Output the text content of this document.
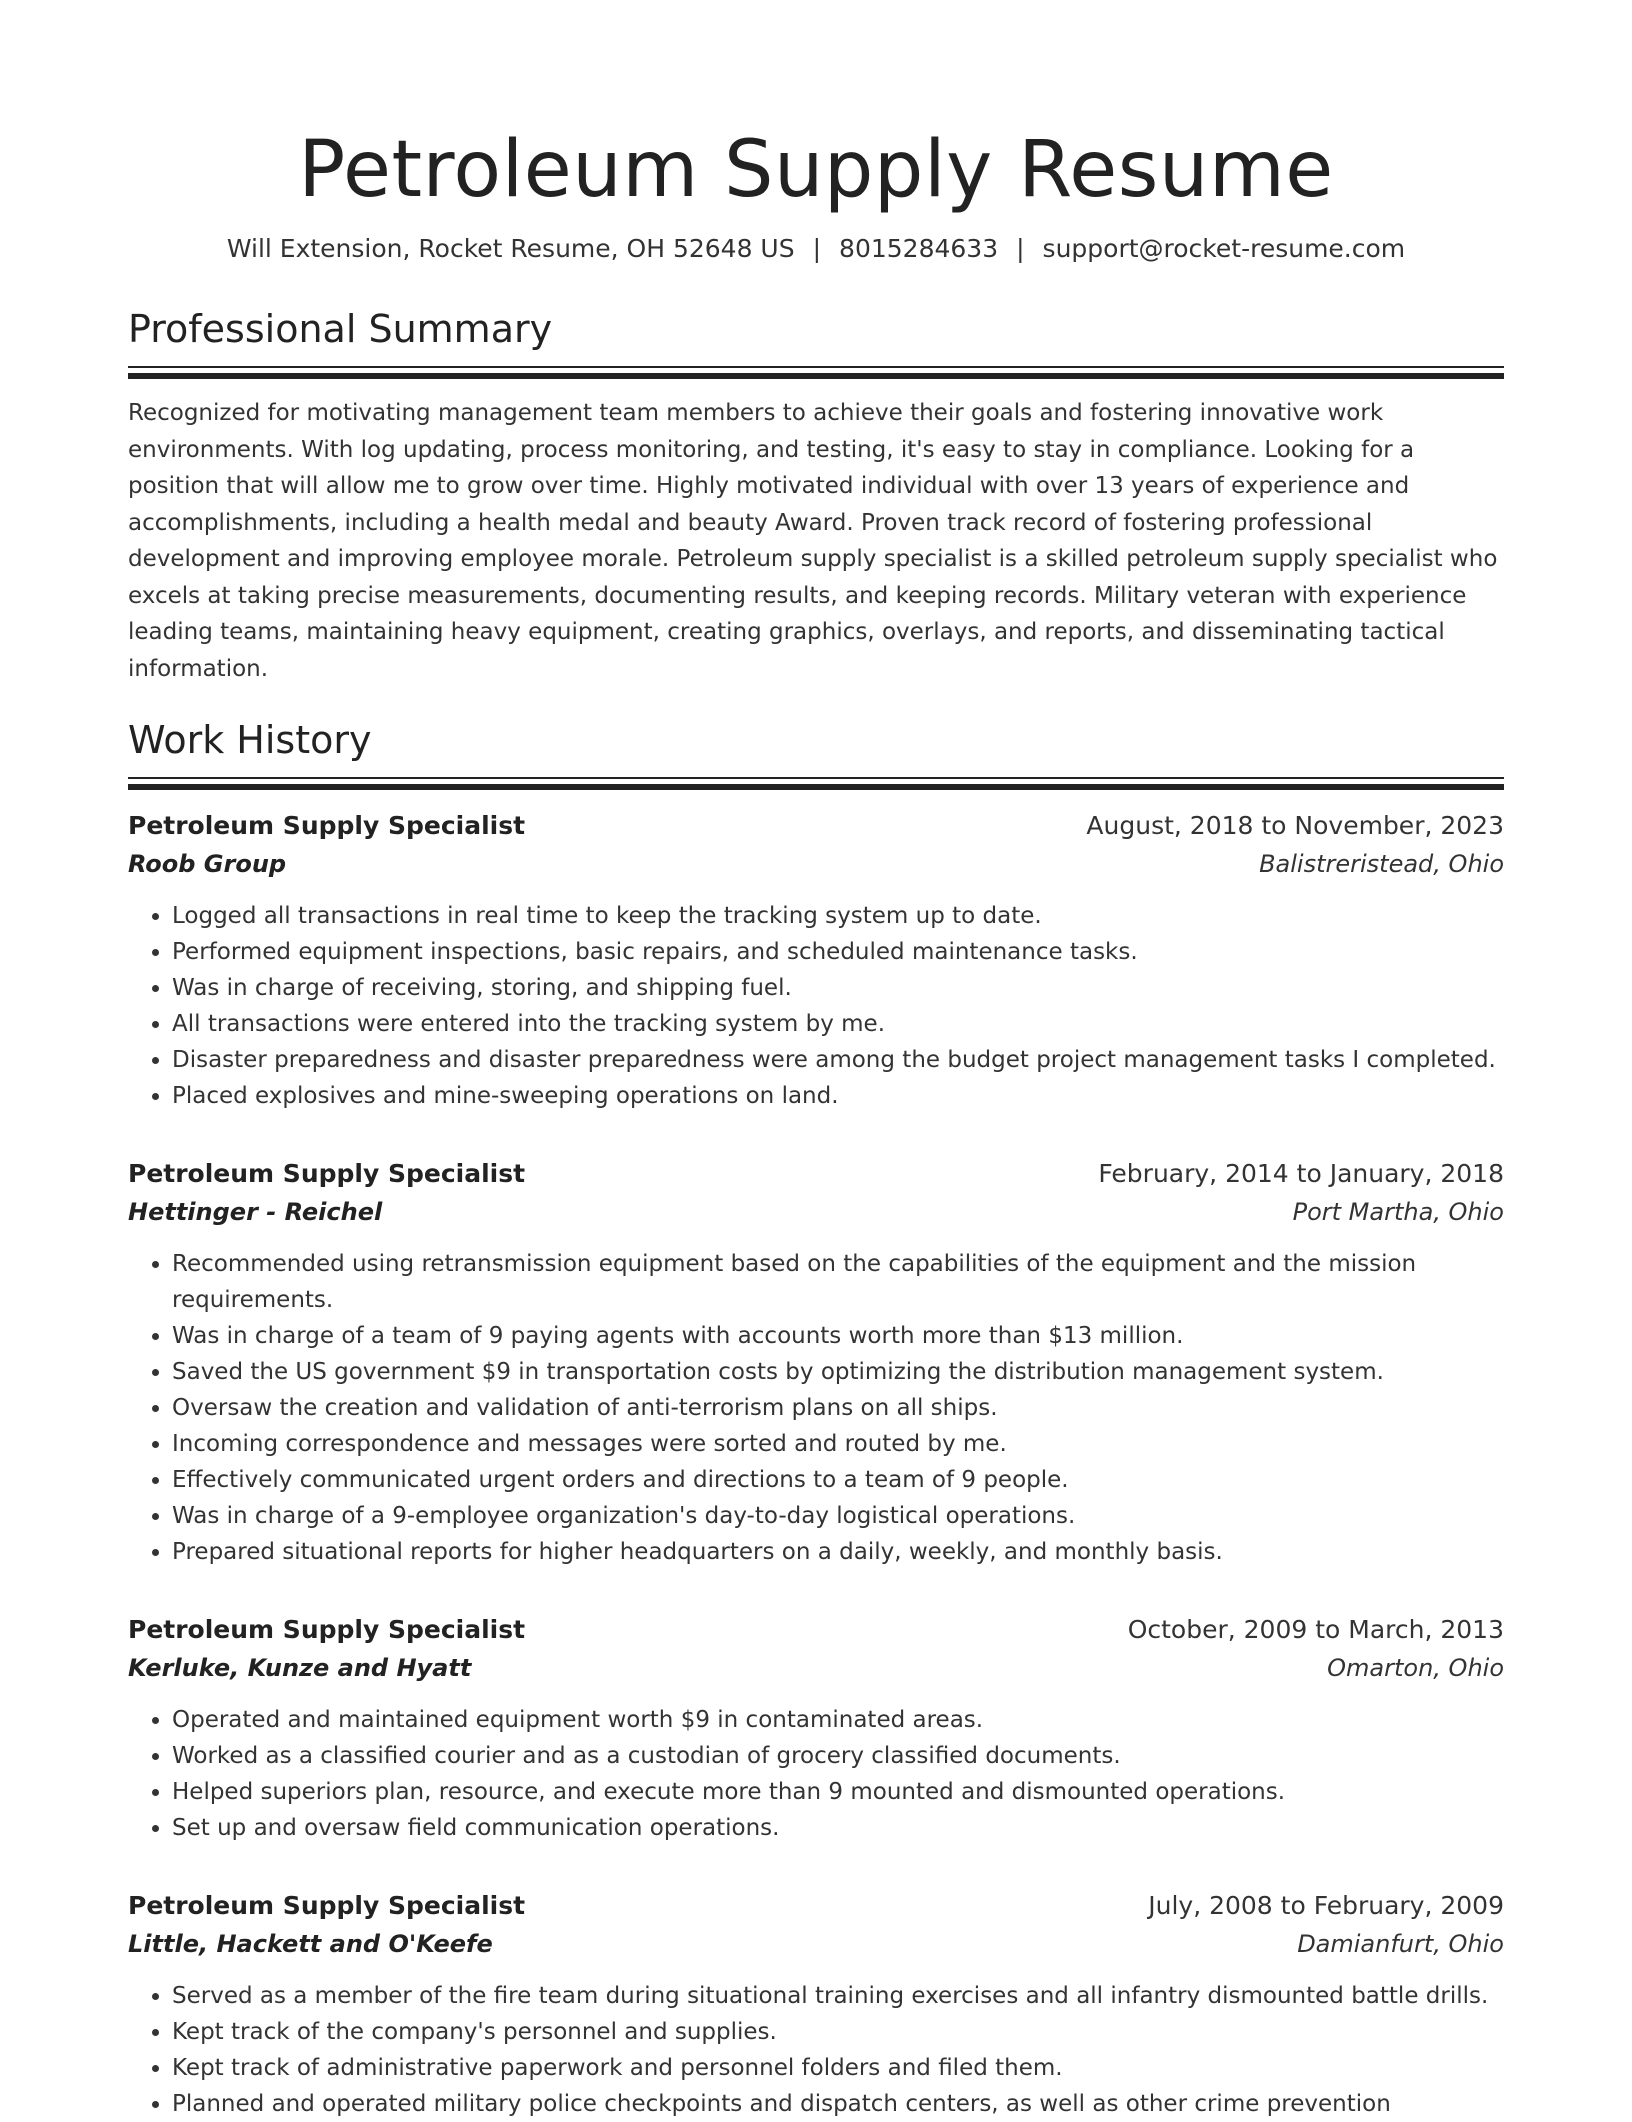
Petroleum Supply Resume
Will Extension, Rocket Resume, OH 52648 US | 8015284633 | support@rocket-resume.com
Professional Summary

Recognized for motivating management team members to achieve their goals and fostering innovative work environments. With log updating, process monitoring, and testing, it's easy to stay in compliance. Looking for a position that will allow me to grow over time. Highly motivated individual with over 13 years of experience and accomplishments, including a health medal and beauty Award. Proven track record of fostering professional development and improving employee morale. Petroleum supply specialist is a skilled petroleum supply specialist who excels at taking precise measurements, documenting results, and keeping records. Military veteran with experience leading teams, maintaining heavy equipment, creating graphics, overlays, and reports, and disseminating tactical information.

Work History
Petroleum Supply Specialist	August, 2018 to November, 2023
Roob Group	Balistreristead, Ohio
• Logged all transactions in real time to keep the tracking system up to date.
• Performed equipment inspections, basic repairs, and scheduled maintenance tasks.
• Was in charge of receiving, storing, and shipping fuel.
• All transactions were entered into the tracking system by me.
• Disaster preparedness and disaster preparedness were among the budget project management tasks I completed.
• Placed explosives and mine-sweeping operations on land.
Petroleum Supply Specialist	February, 2014 to January, 2018
Hettinger - Reichel	Port Martha, Ohio
• Recommended using retransmission equipment based on the capabilities of the equipment and the mission requirements.
• Was in charge of a team of 9 paying agents with accounts worth more than $13 million.
• Saved the US government $9 in transportation costs by optimizing the distribution management system.
• Oversaw the creation and validation of anti-terrorism plans on all ships.
• Incoming correspondence and messages were sorted and routed by me.
• Effectively communicated urgent orders and directions to a team of 9 people.
• Was in charge of a 9-employee organization's day-to-day logistical operations.
• Prepared situational reports for higher headquarters on a daily, weekly, and monthly basis.
Petroleum Supply Specialist	October, 2009 to March, 2013
Kerluke, Kunze and Hyatt	Omarton, Ohio
• Operated and maintained equipment worth $9 in contaminated areas.
• Worked as a classified courier and as a custodian of grocery classified documents.
• Helped superiors plan, resource, and execute more than 9 mounted and dismounted operations.
• Set up and oversaw field communication operations.
Petroleum Supply Specialist	July, 2008 to February, 2009
Little, Hackett and O'Keefe	Damianfurt, Ohio
• Served as a member of the fire team during situational training exercises and all infantry dismounted battle drills.
• Kept track of the company's personnel and supplies.
• Kept track of administrative paperwork and personnel folders and filed them.
• Planned and operated military police checkpoints and dispatch centers, as well as other crime prevention
